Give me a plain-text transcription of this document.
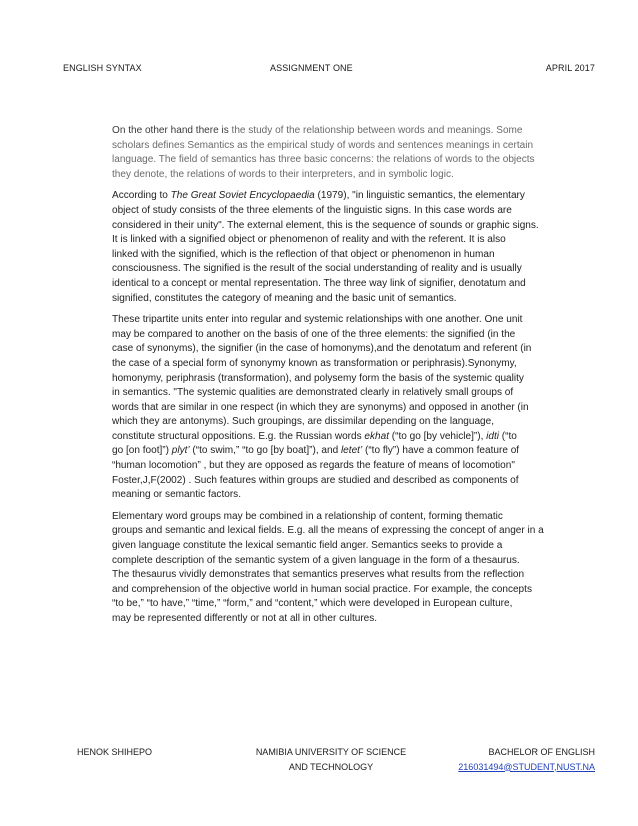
ENGLISH SYNTAX	ASSIGNMENT ONE	APRIL 2017

On the other hand there is the study of the relationship between words and meanings. Some
scholars defines Semantics as the empirical study of words and sentences meanings in certain
language. The field of semantics has three basic concerns: the relations of words to the objects
they denote, the relations of words to their interpreters, and in symbolic logic.

According to The Great Soviet Encyclopaedia (1979), "in linguistic semantics, the elementary
object of study consists of the three elements of the linguistic signs. In this case words are
considered in their unity". The external element, this is the sequence of sounds or graphic signs.
It is linked with a signified object or phenomenon of reality and with the referent. It is also
linked with the signified, which is the reflection of that object or phenomenon in human
consciousness. The signified is the result of the social understanding of reality and is usually
identical to a concept or mental representation. The three way link of signifier, denotatum and
signified, constitutes the category of meaning and the basic unit of semantics.

These tripartite units enter into regular and systemic relationships with one another. One unit
may be compared to another on the basis of one of the three elements: the signified (in the
case of synonyms), the signifier (in the case of homonyms),and the denotatum and referent (in
the case of a special form of synonymy known as transformation or periphrasis).Synonymy,
homonymy, periphrasis (transformation), and polysemy form the basis of the systemic quality
in semantics. "The systemic qualities are demonstrated clearly in relatively small groups of
words that are similar in one respect (in which they are synonyms) and opposed in another (in
which they are antonyms). Such groupings, are dissimilar depending on the language,
constitute structural oppositions. E.g. the Russian words ekhat (“to go [by vehicle]”), idti (“to
go [on foot]”) plyt’ (“to swim,” “to go [by boat]”), and letet’ (“to fly”) have a common feature of
“human locomotion” , but they are opposed as regards the feature of means of locomotion"
Foster,J,F(2002) . Such features within groups are studied and described as components of
meaning or semantic factors.

Elementary word groups may be combined in a relationship of content, forming thematic
groups and semantic and lexical fields. E.g. all the means of expressing the concept of anger in a
given language constitute the lexical semantic field anger. Semantics seeks to provide a
complete description of the semantic system of a given language in the form of a thesaurus.
The thesaurus vividly demonstrates that semantics preserves what results from the reflection
and comprehension of the objective world in human social practice. For example, the concepts
“to be,” “to have,” “time,” “form,” and “content,” which were developed in European culture,
may be represented differently or not at all in other cultures.

HENOK SHIHEPO	NAMIBIA UNIVERSITY OF SCIENCE
AND TECHNOLOGY
BACHELOR OF ENGLISH
216031494@STUDENT,NUST.NA
